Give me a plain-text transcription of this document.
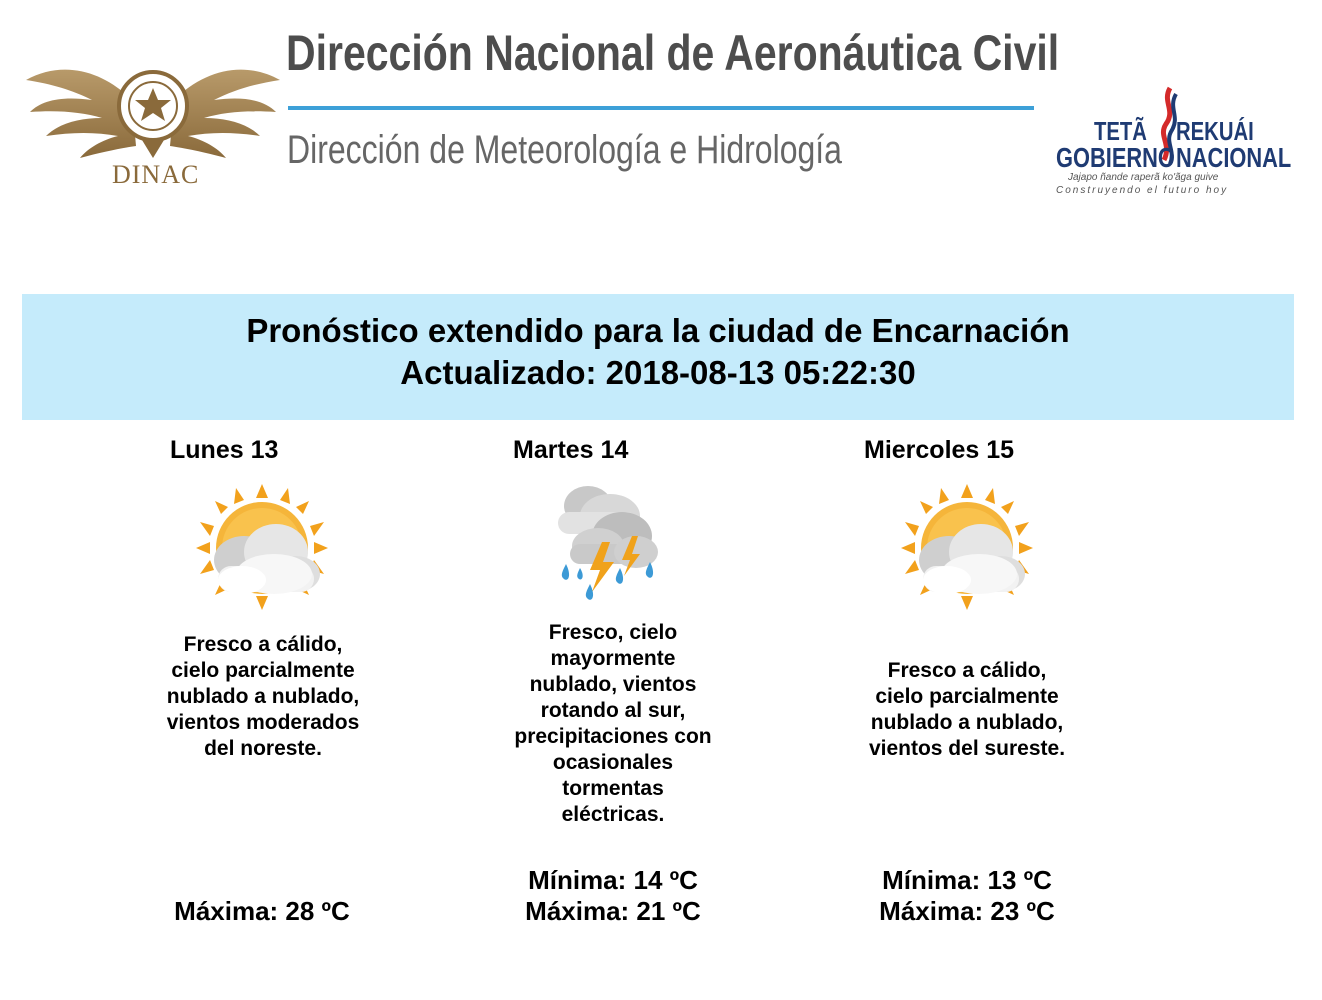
DINAC
Dirección Nacional de Aeronáutica Civil
Dirección de Meteorología e Hidrología	TETÃ REKUÁI
GOBIERNO NACIONAL
Jajapo ñande raperã ko'ãga guive
Construyendo el futuro hoy
Pronóstico extendido para la ciudad de Encarnación
Actualizado: 2018-08-13 05:22:30
Lunes 13
Fresco a cálido, cielo parcialmente nublado a nublado, vientos moderados del noreste.
Máxima: 28 ºC
Martes 14
Fresco, cielo mayormente nublado, vientos rotando al sur, precipitaciones con ocasionales tormentas eléctricas.
Mínima: 14 ºC
Máxima: 21 ºC
Miercoles 15
Fresco a cálido, cielo parcialmente nublado a nublado, vientos del sureste.
Mínima: 13 ºC
Máxima: 23 ºC
